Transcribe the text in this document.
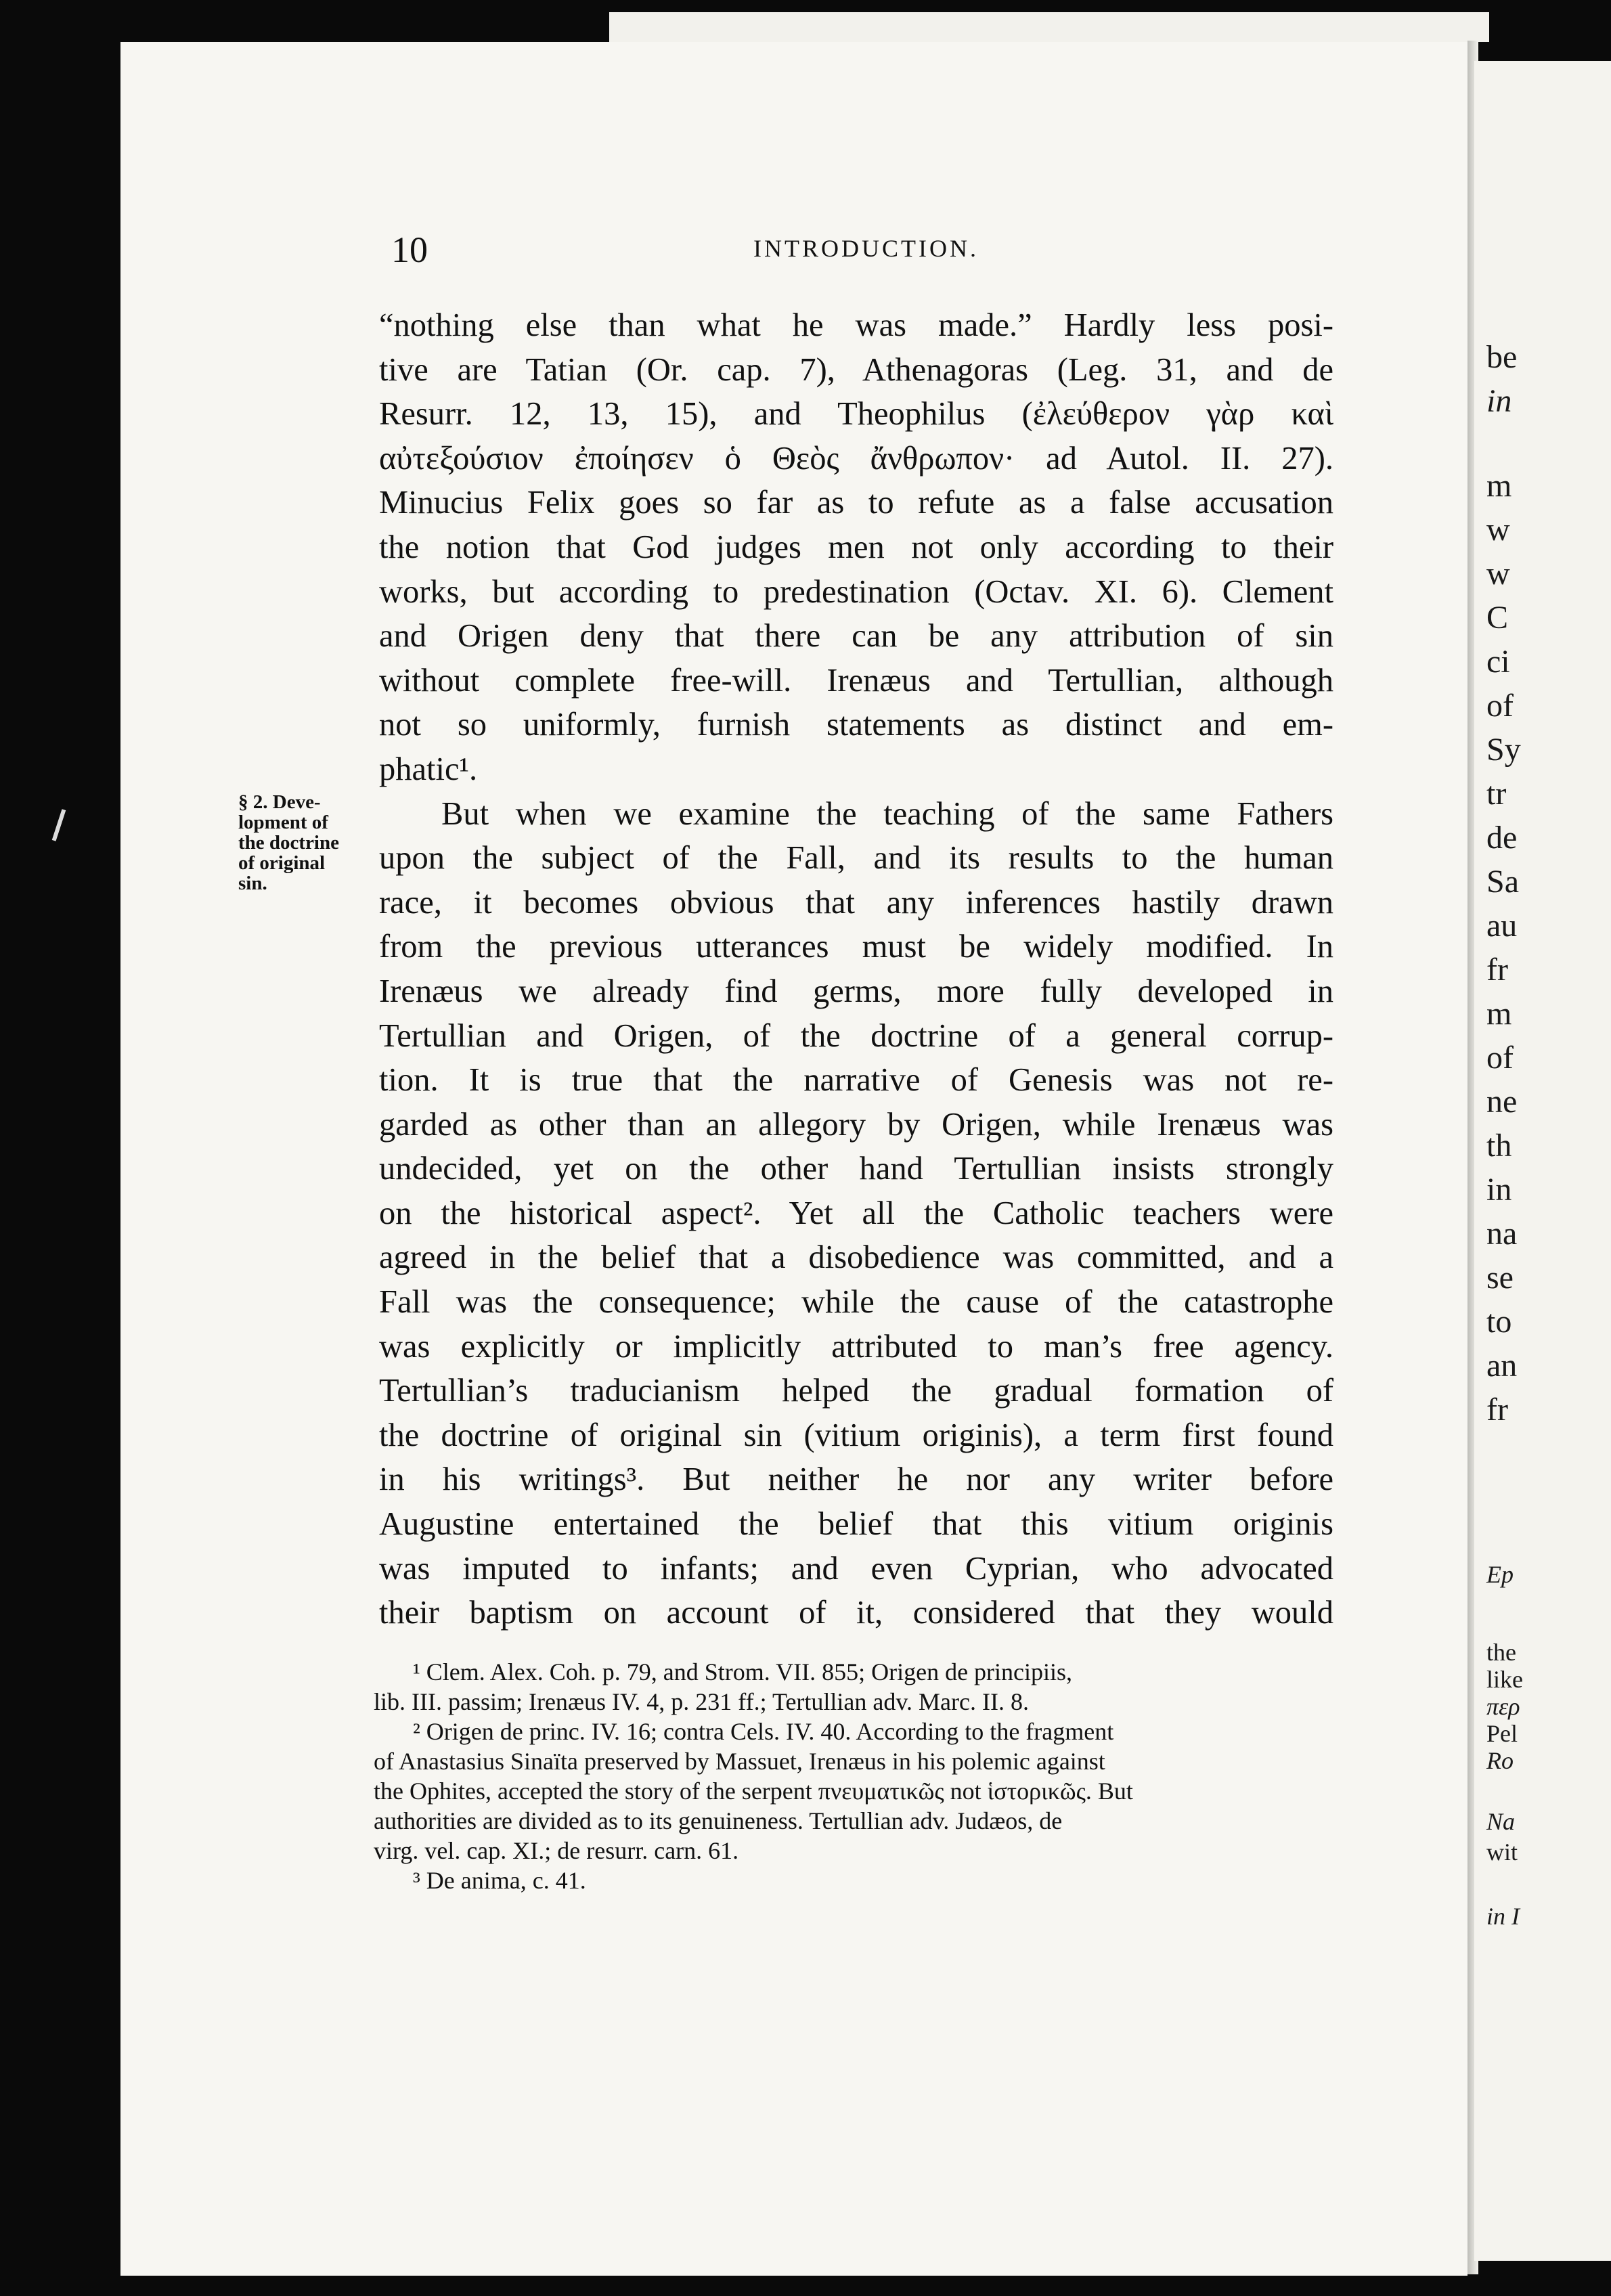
10	INTRODUCTION.
§ 2. Deve-
lopment of
the doctrine
of original
sin.
“nothing else than what he was made.” Hardly less posi-
tive are Tatian (Or. cap. 7), Athenagoras (Leg. 31, and de
Resurr. 12, 13, 15), and Theophilus (ἐλεύθερον γὰρ καὶ
αὐτεξούσιον ἐποίησεν ὁ Θεὸς ἄνθρωπον· ad Autol. II. 27).
Minucius Felix goes so far as to refute as a false accusation
the notion that God judges men not only according to their
works, but according to predestination (Octav. XI. 6). Clement
and Origen deny that there can be any attribution of sin
without complete free-will. Irenæus and Tertullian, although
not so uniformly, furnish statements as distinct and em-
phatic¹.
But when we examine the teaching of the same Fathers
upon the subject of the Fall, and its results to the human
race, it becomes obvious that any inferences hastily drawn
from the previous utterances must be widely modified. In
Irenæus we already find germs, more fully developed in
Tertullian and Origen, of the doctrine of a general corrup-
tion. It is true that the narrative of Genesis was not re-
garded as other than an allegory by Origen, while Irenæus was
undecided, yet on the other hand Tertullian insists strongly
on the historical aspect². Yet all the Catholic teachers were
agreed in the belief that a disobedience was committed, and a
Fall was the consequence; while the cause of the catastrophe
was explicitly or implicitly attributed to man’s free agency.
Tertullian’s traducianism helped the gradual formation of
the doctrine of original sin (vitium originis), a term first found
in his writings³. But neither he nor any writer before
Augustine entertained the belief that this vitium originis
was imputed to infants; and even Cyprian, who advocated
their baptism on account of it, considered that they would
¹ Clem. Alex. Coh. p. 79, and Strom. VII. 855; Origen de principiis,
lib. III. passim; Irenæus IV. 4, p. 231 ff.; Tertullian adv. Marc. II. 8.
² Origen de princ. IV. 16; contra Cels. IV. 40. According to the fragment
of Anastasius Sinaïta preserved by Massuet, Irenæus in his polemic against
the Ophites, accepted the story of the serpent πνευματικῶς not ἱστορικῶς. But
authorities are divided as to its genuineness. Tertullian adv. Judæos, de
virg. vel. cap. XI.; de resurr. carn. 61.
³ De anima, c. 41.
be
in
m
w
w
C
ci
of
Sy
tr
de
Sa
au
fr
m
of
ne
th
in
na
se
to
an
fr
Ep
the
like
περ
Pel
Ro
Na
wit
in I
